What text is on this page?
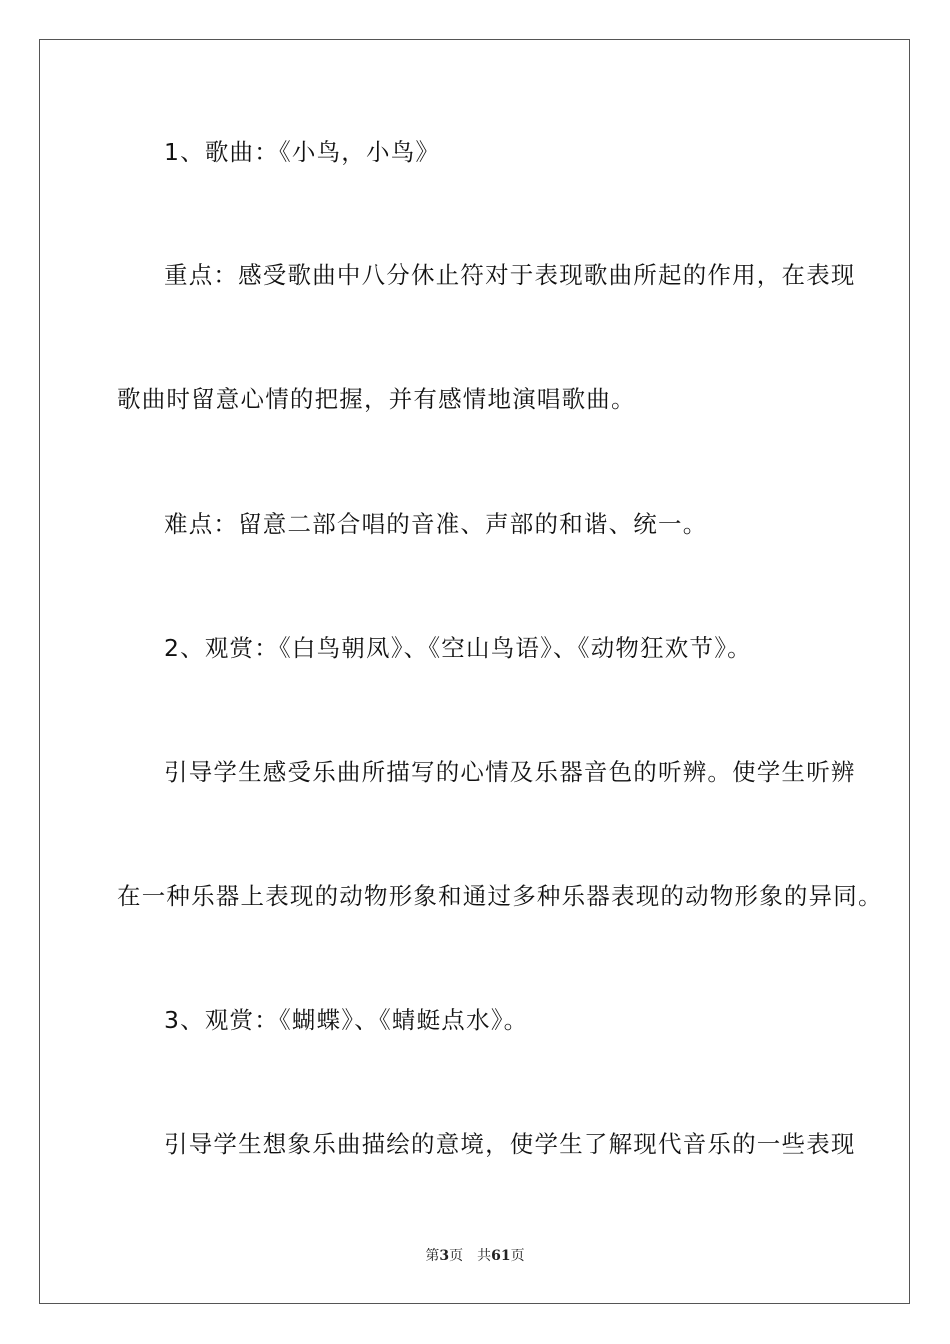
1、歌曲：《小鸟，小鸟》
重点：感受歌曲中八分休止符对于表现歌曲所起的作用，在表现
歌曲时留意心情的把握，并有感情地演唱歌曲。
难点：留意二部合唱的音准、声部的和谐、统一。
2、观赏：《白鸟朝凤》、《空山鸟语》、《动物狂欢节》。
引导学生感受乐曲所描写的心情及乐器音色的听辨。使学生听辨
在一种乐器上表现的动物形象和通过多种乐器表现的动物形象的异同。
3、观赏：《蝴蝶》、《蜻蜓点水》。
引导学生想象乐曲描绘的意境，使学生了解现代音乐的一些表现
第3页 共61页
